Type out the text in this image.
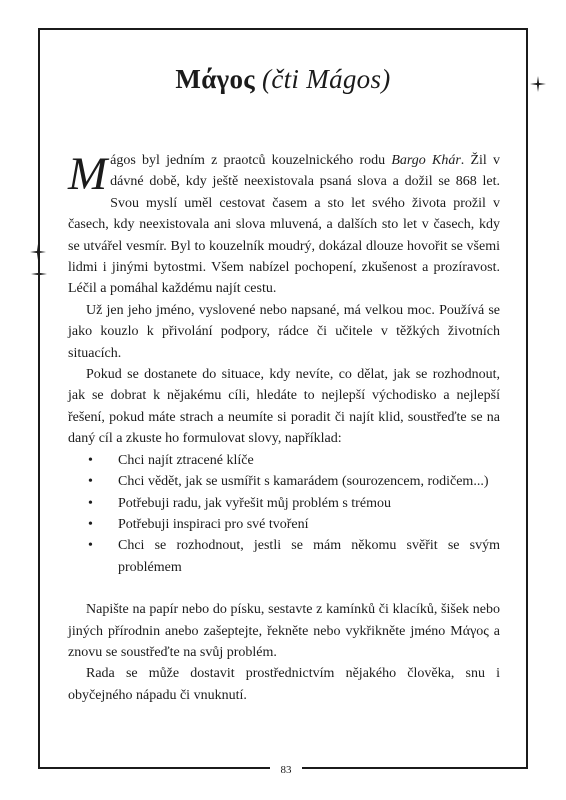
Μάγος (čti Mágos)

Mágos byl jedním z praotců kouzelnického rodu Bargo Khár. Žil v dávné době, kdy ještě neexistovala psaná slova a dožil se 868 let. Svou myslí uměl cestovat časem a sto let svého života prožil v časech, kdy neexistovala ani slova mluvená, a dalších sto let v časech, kdy se utvářel vesmír. Byl to kouzelník moudrý, dokázal dlouze hovořit se všemi lidmi i jinými bytostmi. Všem nabízel pochopení, zkušenost a prozíravost. Léčil a pomáhal každému najít cestu.

Už jen jeho jméno, vyslovené nebo napsané, má velkou moc. Používá se jako kouzlo k přivolání podpory, rádce či učitele v těžkých životních situacích.

Pokud se dostanete do situace, kdy nevíte, co dělat, jak se rozhodnout, jak se dobrat k nějakému cíli, hledáte to nejlepší východisko a nejlepší řešení, pokud máte strach a neumíte si poradit či najít klid, soustřeďte se na daný cíl a zkuste ho formulovat slovy, například:

• Chci najít ztracené klíče
• Chci vědět, jak se usmířit s kamarádem (sourozencem, rodičem...)
• Potřebuji radu, jak vyřešit můj problém s trémou
• Potřebuji inspiraci pro své tvoření
• Chci se rozhodnout, jestli se mám někomu svěřit se svým problémem

Napište na papír nebo do písku, sestavte z kamínků či klacíků, šišek nebo jiných přírodnin anebo zašeptejte, řekněte nebo vykřikněte jméno Μάγος a znovu se soustřeďte na svůj problém.

Rada se může dostavit prostřednictvím nějakého člověka, snu i obyčejného nápadu či vnuknutí.

83
